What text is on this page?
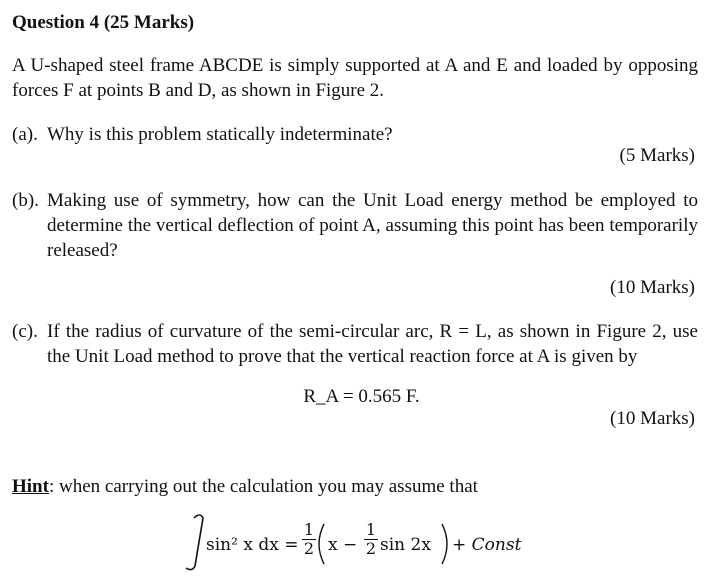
Question 4 (25 Marks)
A U-shaped steel frame ABCDE is simply supported at A and E and loaded by opposing forces F at points B and D, as shown in Figure 2.
(a). Why is this problem statically indeterminate?
(5 Marks)
(b). Making use of symmetry, how can the Unit Load energy method be employed to determine the vertical deflection of point A, assuming this point has been temporarily released?
(10 Marks)
(c). If the radius of curvature of the semi-circular arc, R = L, as shown in Figure 2, use the Unit Load method to prove that the vertical reaction force at A is given by
R_A = 0.565 F.
(10 Marks)
Hint: when carrying out the calculation you may assume that
sin² x dx =
1
2 x −
1
2 sin 2x + Const
